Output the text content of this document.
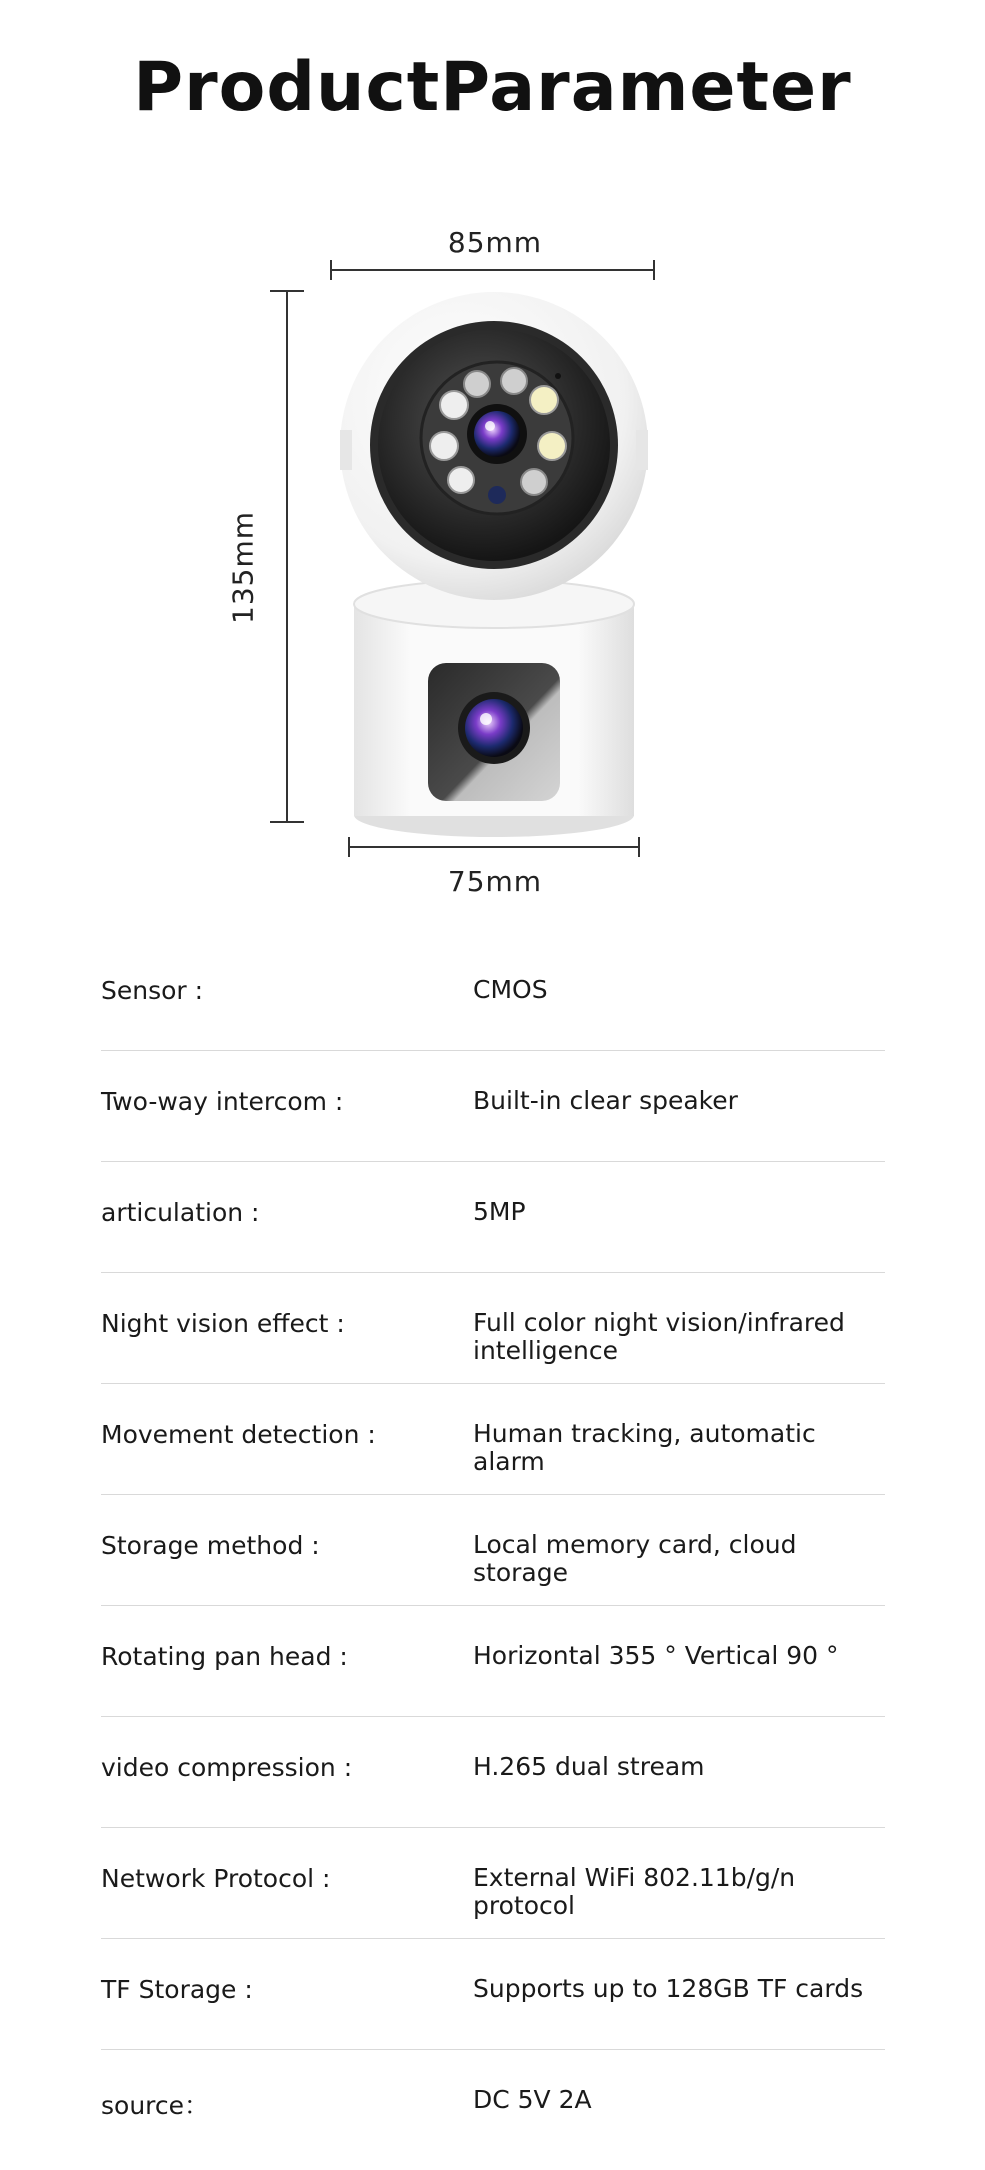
ProductParameter
85mm
135mm
75mm
Sensor :	CMOS
Two-way intercom :	Built-in clear speaker
articulation :	5MP
Night vision effect :	Full color night vision/infrared intelligence
Movement detection :	Human tracking, automatic alarm
Storage method :	Local memory card, cloud storage
Rotating pan head :	Horizontal 355 ° Vertical 90 °
video compression :	H.265 dual stream
Network Protocol :	External WiFi 802.11b/g/n protocol
TF Storage :	Supports up to 128GB TF cards
source：	DC 5V 2A
